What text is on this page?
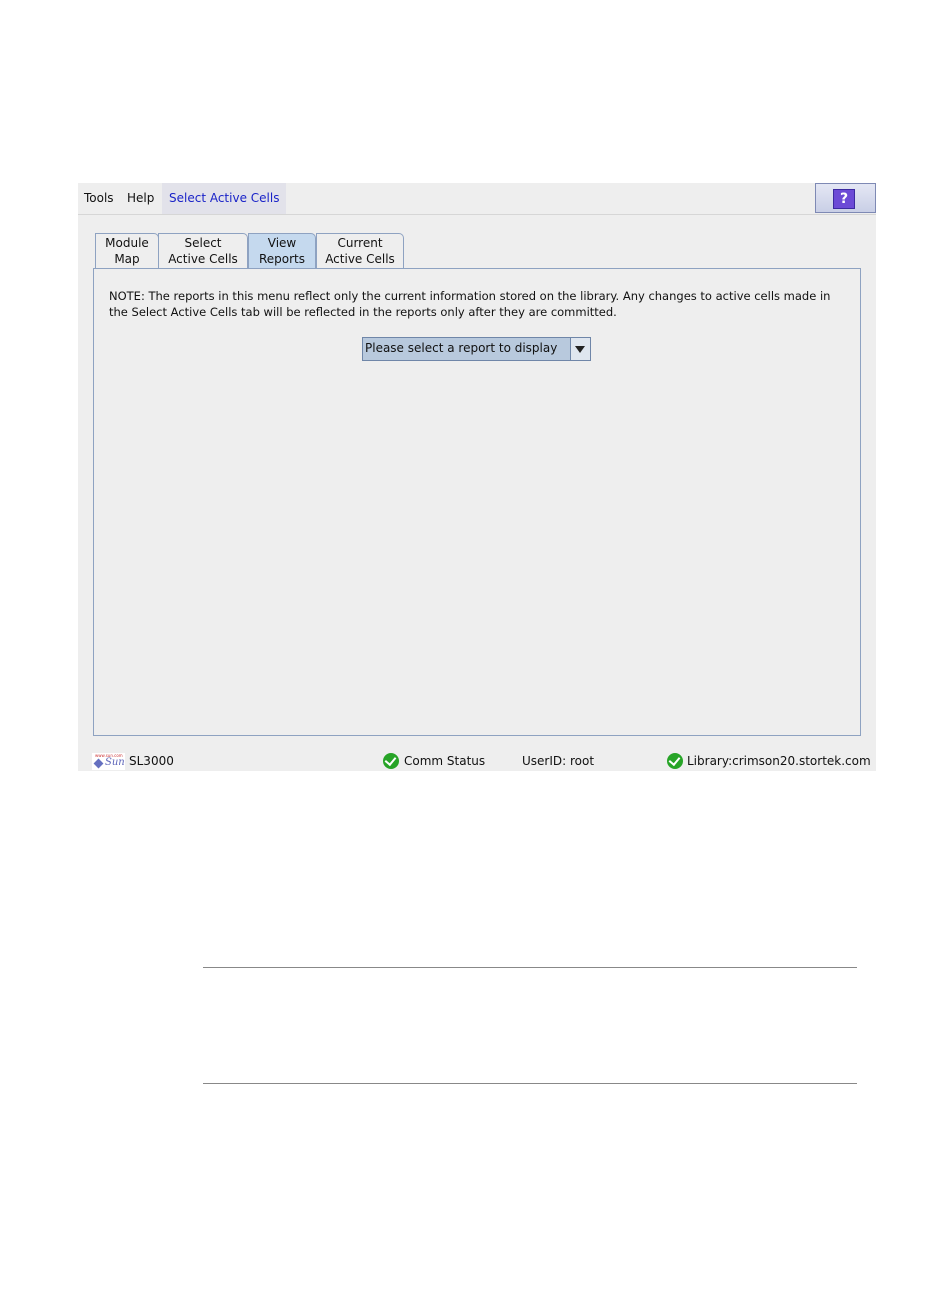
Tools Help	Select Active Cells	?
Module
Map
Select
Active Cells
View
Reports
Current
Active Cells
NOTE: The reports in this menu reflect only the current information stored on the library. Any changes to active cells made in the Select Active Cells tab will be reflected in the reports only after they are committed.
Please select a report to display
www.sun.com
Sun SL3000	Comm Status	UserID: root	Library:crimson20.stortek.com
